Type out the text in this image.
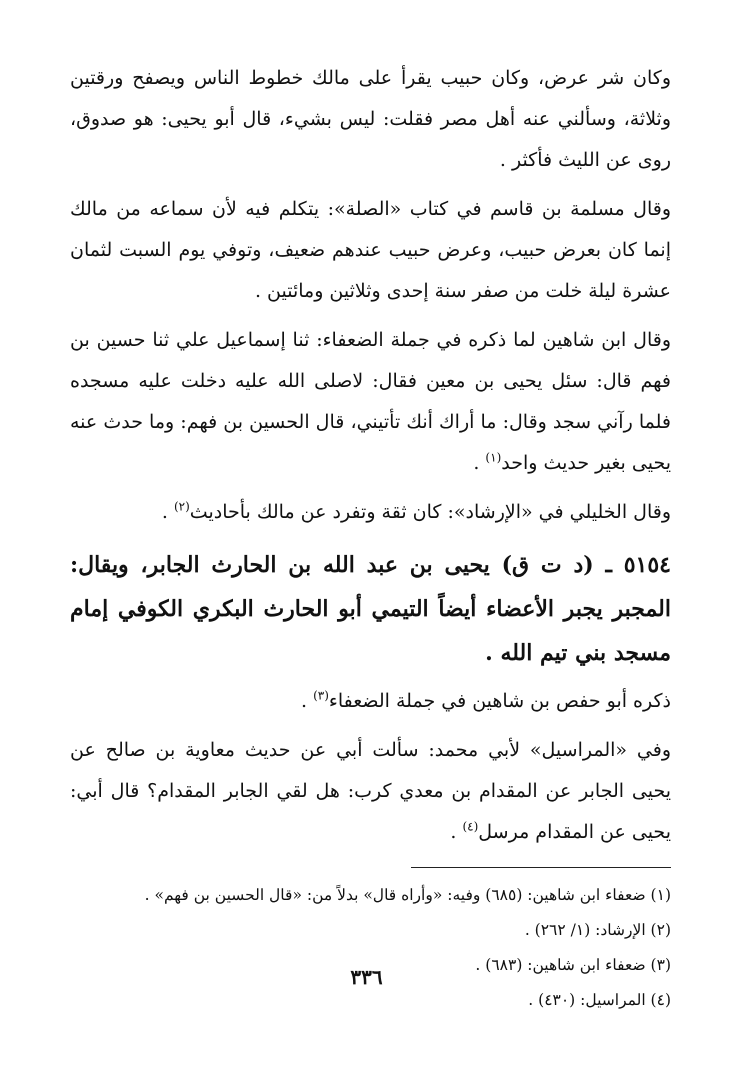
وكان شر عرض، وكان حبيب يقرأ على مالك خطوط الناس ويصفح ورقتين وثلاثة، وسألني عنه أهل مصر فقلت: ليس بشيء، قال أبو يحيى: هو صدوق، روى عن الليث فأكثر .

وقال مسلمة بن قاسم في كتاب «الصلة»: يتكلم فيه لأن سماعه من مالك إنما كان بعرض حبيب، وعرض حبيب عندهم ضعيف، وتوفي يوم السبت لثمان عشرة ليلة خلت من صفر سنة إحدى وثلاثين ومائتين .

وقال ابن شاهين لما ذكره في جملة الضعفاء: ثنا إسماعيل علي ثنا حسين بن فهم قال: سئل يحيى بن معين فقال: لاصلى الله عليه دخلت عليه مسجده فلما رآني سجد وقال: ما أراك أنك تأتيني، قال الحسين بن فهم: وما حدث عنه يحيى بغير حديث واحد$^{(١)}$ .

وقال الخليلي في «الإرشاد»: كان ثقة وتفرد عن مالك بأحاديث$^{(٢)}$ .

٥١٥٤ ـ (د ت ق) يحيى بن عبد الله بن الحارث الجابر، ويقال: المجبر يجبر الأعضاء أيضاً التيمي أبو الحارث البكري الكوفي إمام مسجد بني تيم الله .

ذكره أبو حفص بن شاهين في جملة الضعفاء$^{(٣)}$ .

وفي «المراسيل» لأبي محمد: سألت أبي عن حديث معاوية بن صالح عن يحيى الجابر عن المقدام بن معدي كرب: هل لقي الجابر المقدام؟ قال أبي: يحيى عن المقدام مرسل$^{(٤)}$ .

(١) ضعفاء ابن شاهين: (٦٨٥) وفيه: «وأراه قال» بدلاً من: «قال الحسين بن فهم» .

(٢) الإرشاد: (١/ ٢٦٢) .

(٣) ضعفاء ابن شاهين: (٦٨٣) .

(٤) المراسيل: (٤٣٠) .

٣٣٦
